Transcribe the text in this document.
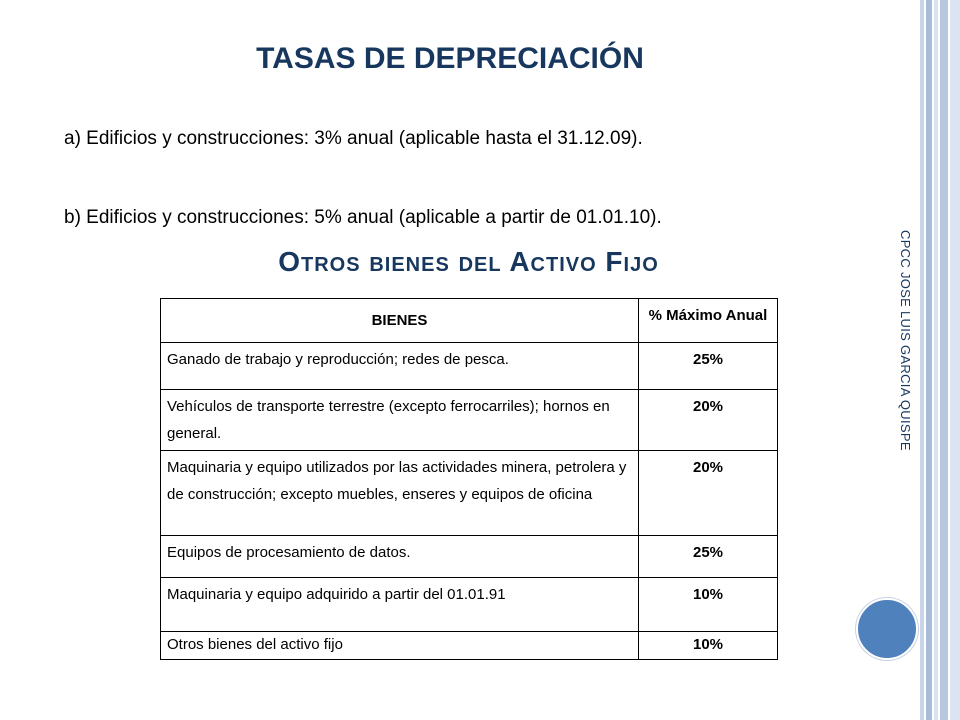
TASAS DE DEPRECIACIÓN

a) Edificios y construcciones: 3% anual (aplicable hasta el 31.12.09).

b) Edificios y construcciones: 5% anual (aplicable a partir de 01.01.10).

Otros bienes del Activo Fijo
BIENES	% Máximo Anual
Ganado de trabajo y reproducción; redes de pesca.	25%
Vehículos de transporte terrestre (excepto ferrocarriles); hornos en general.	20%
Maquinaria y equipo utilizados por las actividades minera, petrolera y de construcción; excepto muebles, enseres y equipos de oficina	20%
Equipos de procesamiento de datos.	25%
Maquinaria y equipo adquirido a partir del 01.01.91	10%
Otros bienes del activo fijo	10%
CPCC JOSE LUIS GARCIA QUISPE
